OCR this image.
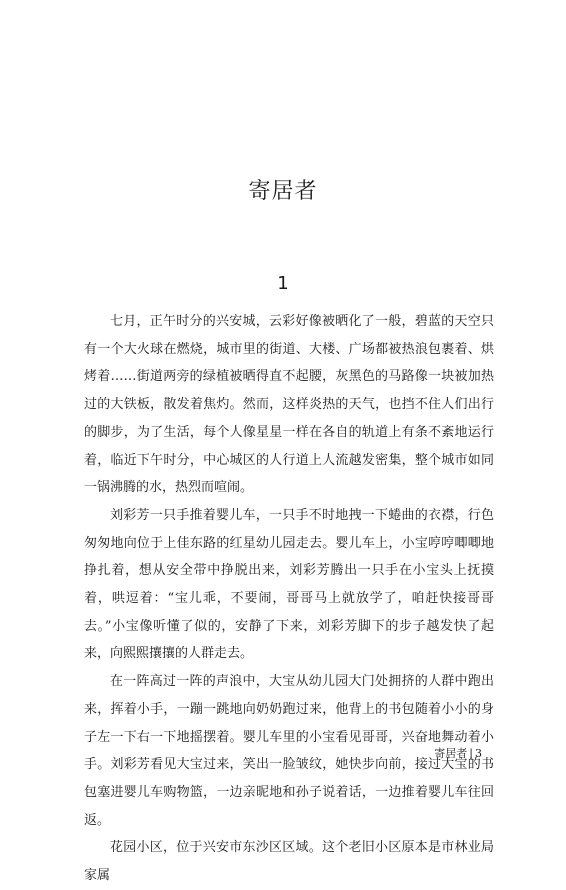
寄居者
1

七月，正午时分的兴安城，云彩好像被晒化了一般，碧蓝的天空只有一个大火球在燃烧，城市里的街道、大楼、广场都被热浪包裹着、烘烤着……街道两旁的绿植被晒得直不起腰，灰黑色的马路像一块被加热过的大铁板，散发着焦灼。然而，这样炎热的天气，也挡不住人们出行的脚步，为了生活，每个人像星星一样在各自的轨道上有条不紊地运行着，临近下午时分，中心城区的人行道上人流越发密集，整个城市如同一锅沸腾的水，热烈而喧闹。

刘彩芳一只手推着婴儿车，一只手不时地拽一下蜷曲的衣襟，行色匆匆地向位于上佳东路的红星幼儿园走去。婴儿车上，小宝哼哼唧唧地挣扎着，想从安全带中挣脱出来，刘彩芳腾出一只手在小宝头上抚摸着，哄逗着：“宝儿乖，不要闹，哥哥马上就放学了，咱赶快接哥哥去。”小宝像听懂了似的，安静了下来，刘彩芳脚下的步子越发快了起来，向熙熙攘攘的人群走去。

在一阵高过一阵的声浪中，大宝从幼儿园大门处拥挤的人群中跑出来，挥着小手，一蹦一跳地向奶奶跑过来，他背上的书包随着小小的身子左一下右一下地摇摆着。婴儿车里的小宝看见哥哥，兴奋地舞动着小手。刘彩芳看见大宝过来，笑出一脸皱纹，她快步向前，接过大宝的书包塞进婴儿车购物篮，一边亲昵地和孙子说着话，一边推着婴儿车往回返。

花园小区，位于兴安市东沙区区域。这个老旧小区原本是市林业局家属

寄居者 | 3
